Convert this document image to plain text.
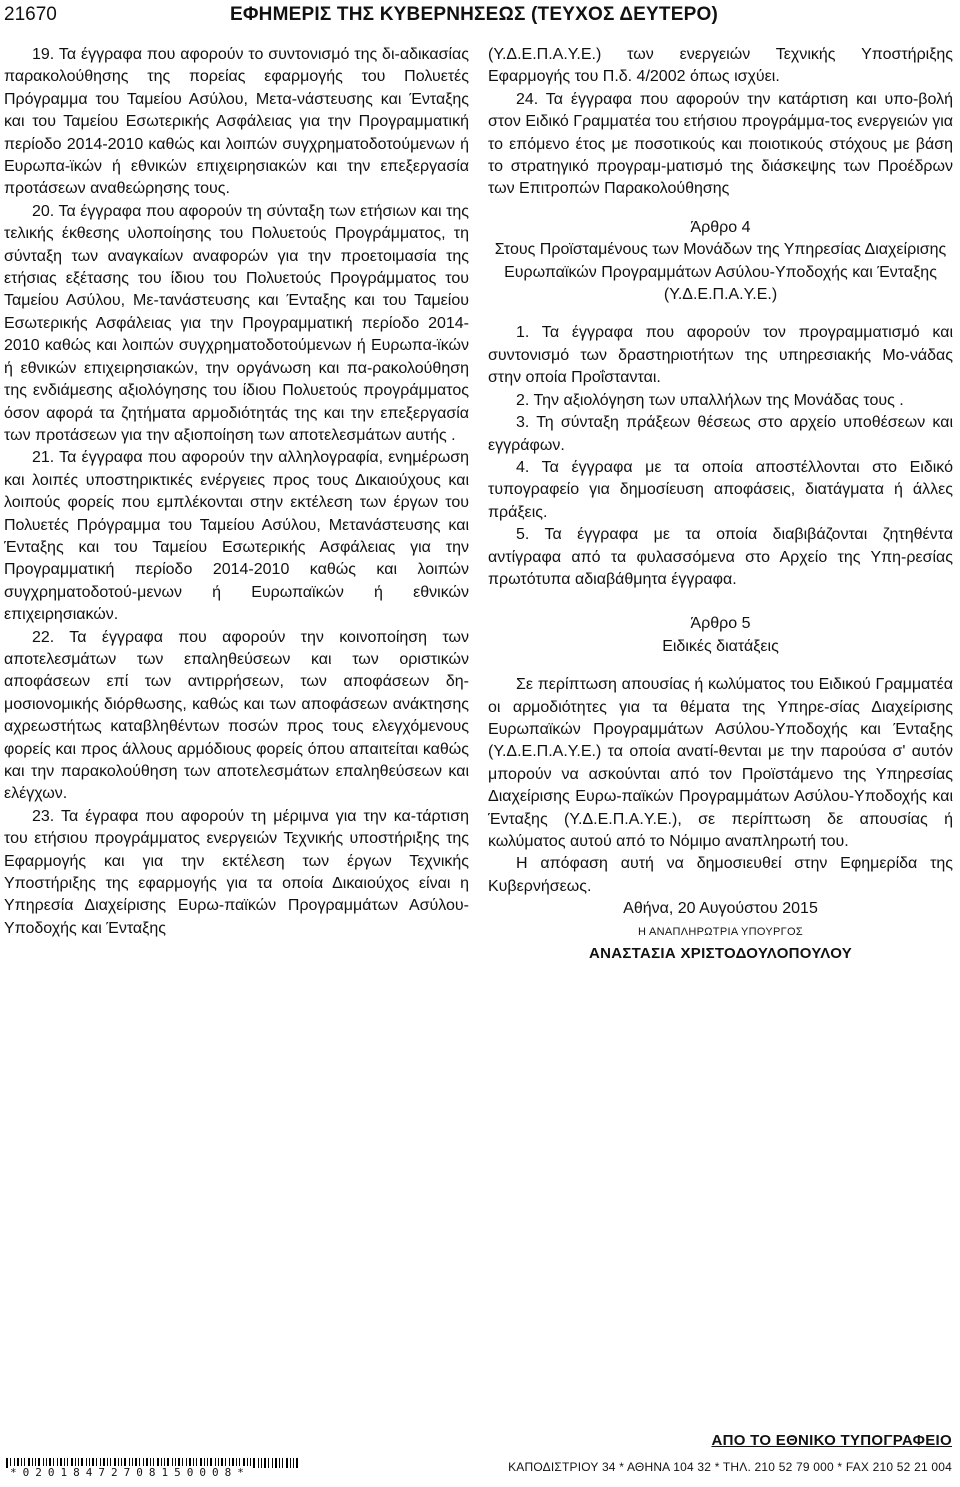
21670	ΕΦΗΜΕΡΙΣ ΤΗΣ ΚΥΒΕΡΝΗΣΕΩΣ (ΤΕΥΧΟΣ ΔΕΥΤΕΡΟ)

19. Τα έγγραφα που αφορούν το συντονισμό της δι-αδικασίας παρακολούθησης της πορείας εφαρμογής του Πολυετές Πρόγραμμα του Ταμείου Ασύλου, Μετα-νάστευσης και Ένταξης και του Ταμείου Εσωτερικής Ασφάλειας για την Προγραμματική περίοδο 2014-2010 καθώς και λοιπών συγχρηματοδοτούμενων ή Ευρωπα-ϊκών ή εθνικών επιχειρησιακών και την επεξεργασία προτάσεων αναθεώρησης τους.

20. Τα έγγραφα που αφορούν τη σύνταξη των ετήσιων και της τελικής έκθεσης υλοποίησης του Πολυετούς Προγράμματος, τη σύνταξη των αναγκαίων αναφορών για την προετοιμασία της ετήσιας εξέτασης του ίδιου του Πολυετούς Προγράμματος του Ταμείου Ασύλου, Με-τανάστευσης και Ένταξης και του Ταμείου Εσωτερικής Ασφάλειας για την Προγραμματική περίοδο 2014-2010 καθώς και λοιπών συγχρηματοδοτούμενων ή Ευρωπα-ϊκών ή εθνικών επιχειρησιακών, την οργάνωση και πα-ρακολούθηση της ενδιάμεσης αξιολόγησης του ίδιου Πολυετούς προγράμματος όσον αφορά τα ζητήματα αρμοδιότητάς της και την επεξεργασία των προτάσεων για την αξιοποίηση των αποτελεσμάτων αυτής .

21. Τα έγγραφα που αφορούν την αλληλογραφία, ενημέρωση και λοιπές υποστηρικτικές ενέργειες προς τους Δικαιούχους και λοιπούς φορείς που εμπλέκονται στην εκτέλεση των έργων του Πολυετές Πρόγραμμα του Ταμείου Ασύλου, Μετανάστευσης και Ένταξης και του Ταμείου Εσωτερικής Ασφάλειας για την Προγραμματική περίοδο 2014-2010 καθώς και λοιπών συγχρηματοδοτού-μενων ή Ευρωπαϊκών ή εθνικών επιχειρησιακών.

22. Τα έγγραφα που αφορούν την κοινοποίηση των αποτελεσμάτων των επαληθεύσεων και των οριστικών αποφάσεων επί των αντιρρήσεων, των αποφάσεων δη-μοσιονομικής διόρθωσης, καθώς και των αποφάσεων ανάκτησης αχρεωστήτως καταβληθέντων ποσών προς τους ελεγχόμενους φορείς και προς άλλους αρμόδιους φορείς όπου απαιτείται καθώς και την παρακολούθηση των αποτελεσμάτων επαληθεύσεων και ελέγχων.

23. Τα έγραφα που αφορούν τη μέριμνα για την κα-τάρτιση του ετήσιου προγράμματος ενεργειών Τεχνικής υποστήριξης της Εφαρμογής και για την εκτέλεση των έργων Τεχνικής Υποστήριξης της εφαρμογής για τα οποία Δικαιούχος είναι η Υπηρεσία Διαχείρισης Ευρω-παϊκών Προγραμμάτων Ασύλου-Υποδοχής και Ένταξης

(Υ.Δ.Ε.Π.Α.Υ.Ε.) των ενεργειών Τεχνικής Υποστήριξης Εφαρμογής του Π.δ. 4/2002 όπως ισχύει.

24. Τα έγγραφα που αφορούν την κατάρτιση και υπο-βολή στον Ειδικό Γραμματέα του ετήσιου προγράμμα-τος ενεργειών για το επόμενο έτος με ποσοτικούς και ποιοτικούς στόχους με βάση το στρατηγικό προγραμ-ματισμό της διάσκεψης των Προέδρων των Επιτροπών Παρακολούθησης

Άρθρο 4

Στους Προϊσταμένους των Μονάδων της Υπηρεσίας Διαχείρισης Ευρωπαϊκών Προγραμμάτων Ασύλου-Υποδοχής και Ένταξης (Υ.Δ.Ε.Π.Α.Υ.Ε.)

1. Τα έγγραφα που αφορούν τον προγραμματισμό και συντονισμό των δραστηριοτήτων της υπηρεσιακής Μο-νάδας στην οποία Προΐστανται.

2. Την αξιολόγηση των υπαλλήλων της Μονάδας τους .

3. Τη σύνταξη πράξεων θέσεως στο αρχείο υποθέσεων και εγγράφων.

4. Τα έγγραφα με τα οποία αποστέλλονται στο Ειδικό τυπογραφείο για δημοσίευση αποφάσεις, διατάγματα ή άλλες πράξεις.

5. Τα έγγραφα με τα οποία διαβιβάζονται ζητηθέντα αντίγραφα από τα φυλασσόμενα στο Αρχείο της Υπη-ρεσίας πρωτότυπα αδιαβάθμητα έγγραφα.

Άρθρο 5

Ειδικές διατάξεις

Σε περίπτωση απουσίας ή κωλύματος του Ειδικού Γραμματέα οι αρμοδιότητες για τα θέματα της Υπηρε-σίας Διαχείρισης Ευρωπαϊκών Προγραμμάτων Ασύλου-Υποδοχής και Ένταξης (Υ.Δ.Ε.Π.Α.Υ.Ε.) τα οποία ανατί-θενται με την παρούσα σ' αυτόν μπορούν να ασκούνται από τον Προϊστάμενο της Υπηρεσίας Διαχείρισης Ευρω-παϊκών Προγραμμάτων Ασύλου-Υποδοχής και Ένταξης (Υ.Δ.Ε.Π.Α.Υ.Ε.), σε περίπτωση δε απουσίας ή κωλύματος αυτού από το Νόμιμο αναπληρωτή του.

Η απόφαση αυτή να δημοσιευθεί στην Εφημερίδα της Κυβερνήσεως.

Αθήνα, 20 Αυγούστου 2015

Η ΑΝΑΠΛΗΡΩΤΡΙΑ ΥΠΟΥΡΓΟΣ

ΑΝΑΣΤΑΣΙΑ ΧΡΙΣΤΟΔΟΥΛΟΠΟΥΛΟΥ

*02018472708150008*
ΑΠΟ ΤΟ ΕΘΝΙΚΟ ΤΥΠΟΓΡΑΦΕΙΟ
ΚΑΠΟΔΙΣΤΡΙΟΥ 34 * ΑΘΗΝΑ 104 32 * ΤΗΛ. 210 52 79 000 * FAX 210 52 21 004
